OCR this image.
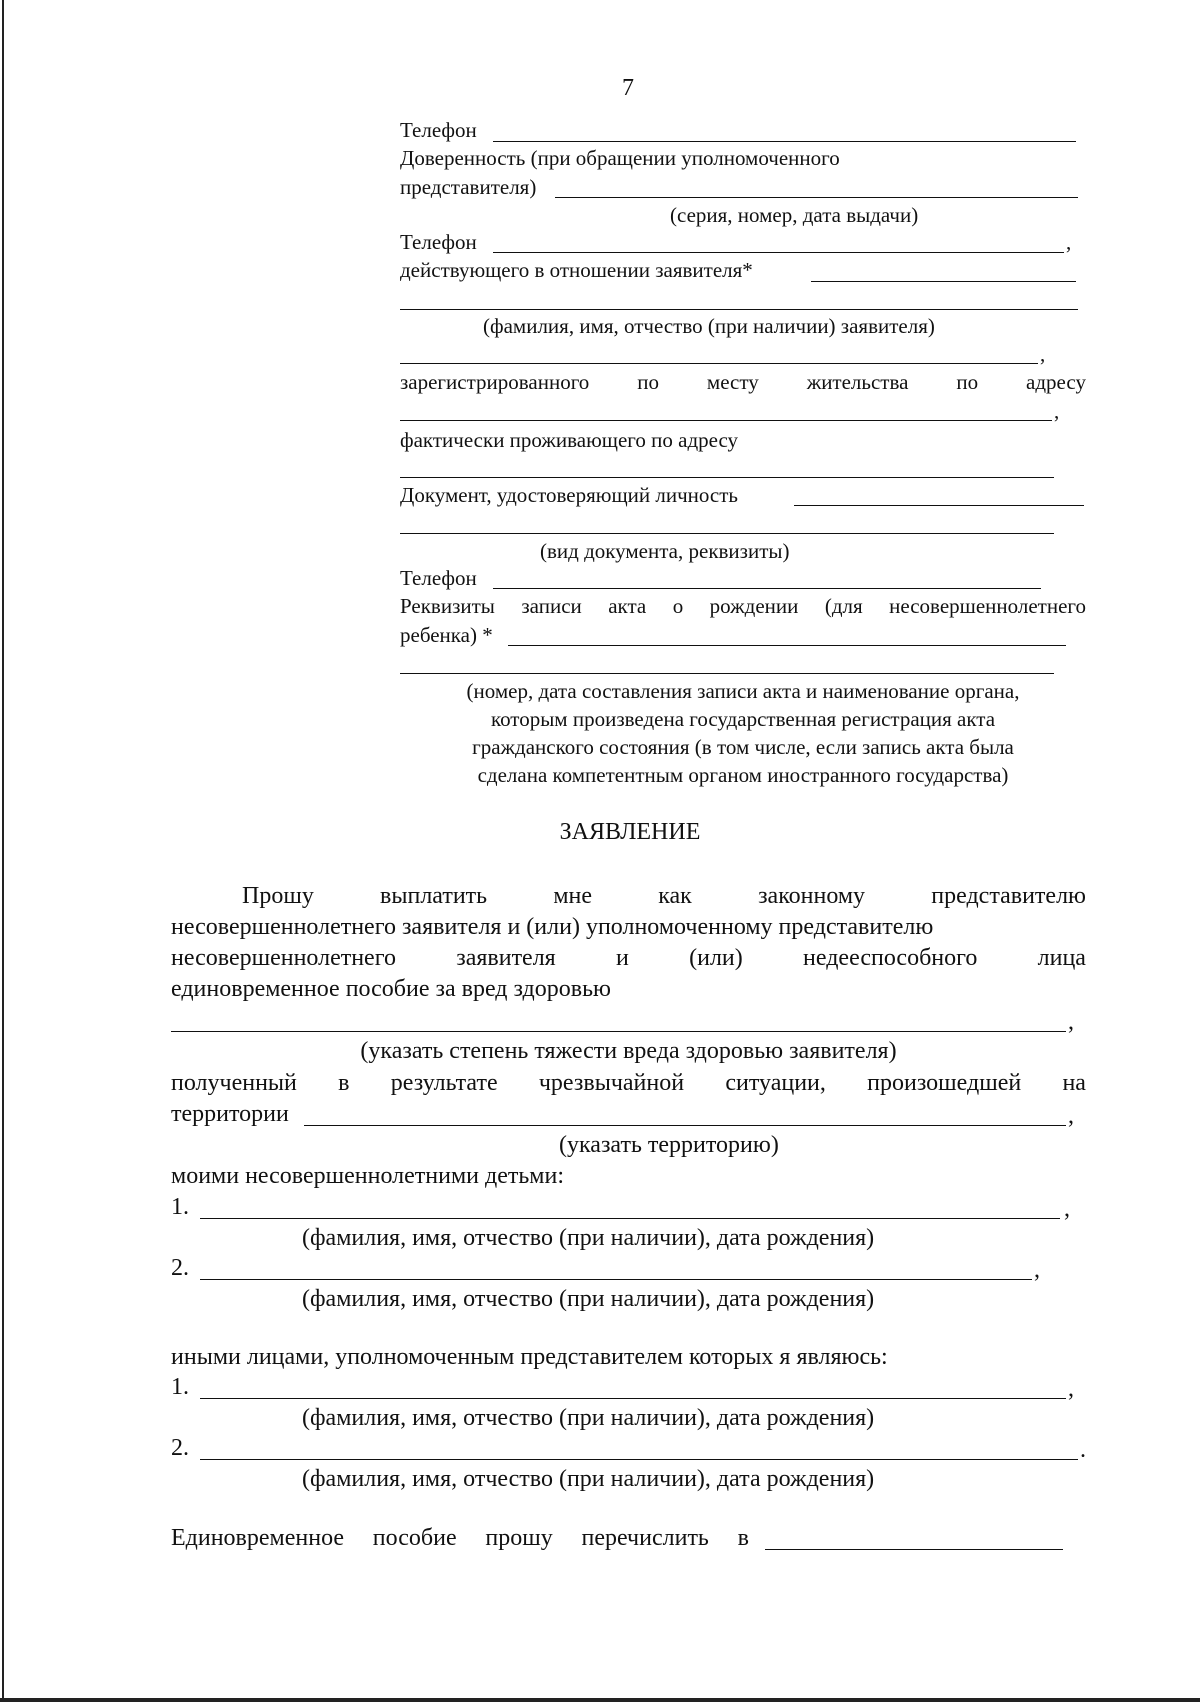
7
Телефон
Доверенность (при обращении уполномоченного
представителя)
(серия, номер, дата выдачи)
Телефон	,
действующего в отношении заявителя*
(фамилия, имя, отчество (при наличии) заявителя)
,
зарегистрированного по месту жительства по адресу
,
фактически проживающего по адресу
Документ, удостоверяющий личность
(вид документа, реквизиты)
Телефон
Реквизиты записи акта о рождении (для несовершеннолетнего
ребенка) *
(номер, дата составления записи акта и наименование органа,
которым произведена государственная регистрация акта
гражданского состояния (в том числе, если запись акта была
сделана компетентным органом иностранного государства)
ЗАЯВЛЕНИЕ
Прошу	выплатить	мне	как	законному	представителю
несовершеннолетнего заявителя и (или) уполномоченному представителю
несовершеннолетнего	заявителя	и	(или)	недееспособного	лица
единовременное пособие за вред здоровью
,
(указать степень тяжести вреда здоровью заявителя)
полученный в результате чрезвычайной ситуации, произошедшей на
территории	,
(указать территорию)
моими несовершеннолетними детьми:
1.	,
(фамилия, имя, отчество (при наличии), дата рождения)
2.	,
(фамилия, имя, отчество (при наличии), дата рождения)
иными лицами, уполномоченным представителем которых я являюсь:
1.	,
(фамилия, имя, отчество (при наличии), дата рождения)
2.	.
(фамилия, имя, отчество (при наличии), дата рождения)
Единовременное пособие прошу перечислить в
